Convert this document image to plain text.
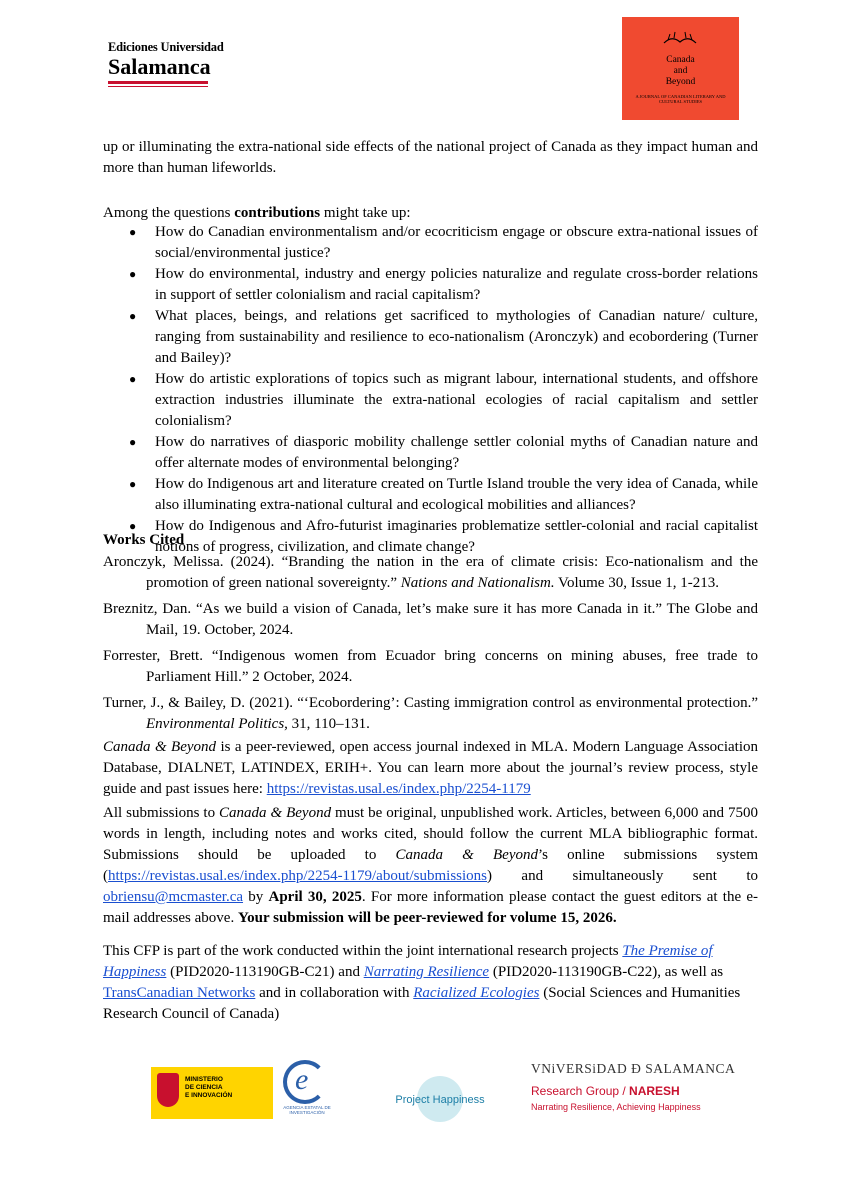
Ediciones Universidad
Salamanca	Canada
and
Beyond
A JOURNAL OF CANADIAN LITERARY AND CULTURAL STUDIES
up or illuminating the extra-national side effects of the national project of Canada as they impact human and more than human lifeworlds.
Among the questions contributions might take up:
● How do Canadian environmentalism and/or ecocriticism engage or obscure extra-national issues of social/environmental justice?
● How do environmental, industry and energy policies naturalize and regulate cross-border relations in support of settler colonialism and racial capitalism?
● What places, beings, and relations get sacrificed to mythologies of Canadian nature/ culture, ranging from sustainability and resilience to eco-nationalism (Aronczyk) and ecobordering (Turner and Bailey)?
● How do artistic explorations of topics such as migrant labour, international students, and offshore extraction industries illuminate the extra-national ecologies of racial capitalism and settler colonialism?
● How do narratives of diasporic mobility challenge settler colonial myths of Canadian nature and offer alternate modes of environmental belonging?
● How do Indigenous art and literature created on Turtle Island trouble the very idea of Canada, while also illuminating extra-national cultural and ecological mobilities and alliances?
● How do Indigenous and Afro-futurist imaginaries problematize settler-colonial and racial capitalist notions of progress, civilization, and climate change?
Works Cited
Aronczyk, Melissa. (2024). “Branding the nation in the era of climate crisis: Eco-nationalism and the promotion of green national sovereignty.” Nations and Nationalism. Volume 30, Issue 1, 1-213.
Breznitz, Dan. “As we build a vision of Canada, let’s make sure it has more Canada in it.” The Globe and Mail, 19. October, 2024.
Forrester, Brett. “Indigenous women from Ecuador bring concerns on mining abuses, free trade to Parliament Hill.” 2 October, 2024.
Turner, J., & Bailey, D. (2021). “‘Ecobordering’: Casting immigration control as environmental protection.” Environmental Politics, 31, 110–131.
Canada & Beyond is a peer-reviewed, open access journal indexed in MLA. Modern Language Association Database, DIALNET, LATINDEX, ERIH+. You can learn more about the journal’s review process, style guide and past issues here: https://revistas.usal.es/index.php/2254-1179
All submissions to Canada & Beyond must be original, unpublished work. Articles, between 6,000 and 7500 words in length, including notes and works cited, should follow the current MLA bibliographic format. Submissions should be uploaded to Canada & Beyond’s online submissions system (https://revistas.usal.es/index.php/2254-1179/about/submissions) and simultaneously sent to obriensu@mcmaster.ca by April 30, 2025. For more information please contact the guest editors at the e-mail addresses above. Your submission will be peer-reviewed for volume 15, 2026.
This CFP is part of the work conducted within the joint international research projects The Premise of Happiness (PID2020-113190GB-C21) and Narrating Resilience (PID2020-113190GB-C22), as well as TransCanadian Networks and in collaboration with Racialized Ecologies (Social Sciences and Humanities Research Council of Canada)
MINISTERIO
DE CIENCIA
E INNOVACIÓN e
AGENCIA ESTATAL DE INVESTIGACIÓN
Project Happiness
VNiVERSiDAD Ð SALAMANCA
Research Group / NARESH
Narrating Resilience, Achieving Happiness
